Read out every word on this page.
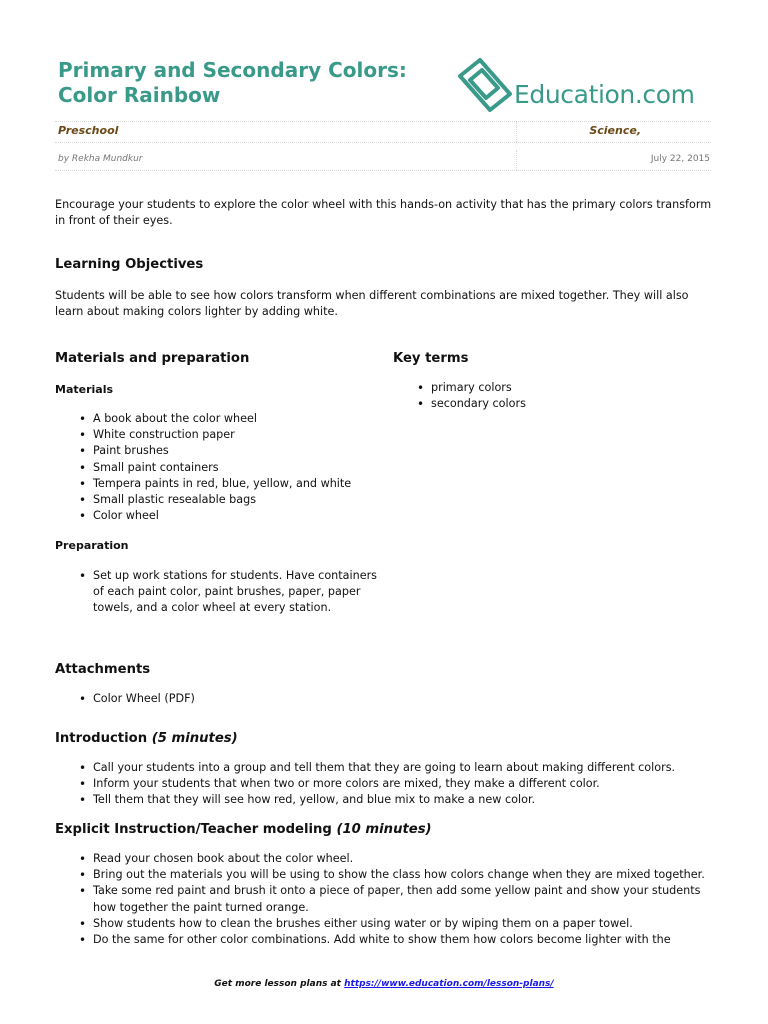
Primary and Secondary Colors:
Color Rainbow	Education.com
Preschool	Science,
by Rekha Mundkur	July 22, 2015

Encourage your students to explore the color wheel with this hands-on activity that has the primary colors transform in front of their eyes.

Learning Objectives

Students will be able to see how colors transform when different combinations are mixed together. They will also learn about making colors lighter by adding white.

Materials and preparation
Materials
• A book about the color wheel
• White construction paper
• Paint brushes
• Small paint containers
• Tempera paints in red, blue, yellow, and white
• Small plastic resealable bags
• Color wheel
Preparation
• Set up work stations for students. Have containers of each paint color, paint brushes, paper, paper towels, and a color wheel at every station.
Key terms
• primary colors
• secondary colors
Attachments
• Color Wheel (PDF)
Introduction (5 minutes)
• Call your students into a group and tell them that they are going to learn about making different colors.
• Inform your students that when two or more colors are mixed, they make a different color.
• Tell them that they will see how red, yellow, and blue mix to make a new color.
Explicit Instruction/Teacher modeling (10 minutes)
• Read your chosen book about the color wheel.
• Bring out the materials you will be using to show the class how colors change when they are mixed together.
• Take some red paint and brush it onto a piece of paper, then add some yellow paint and show your students how together the paint turned orange.
• Show students how to clean the brushes either using water or by wiping them on a paper towel.
• Do the same for other color combinations. Add white to show them how colors become lighter with the
Get more lesson plans at https://www.education.com/lesson-plans/
